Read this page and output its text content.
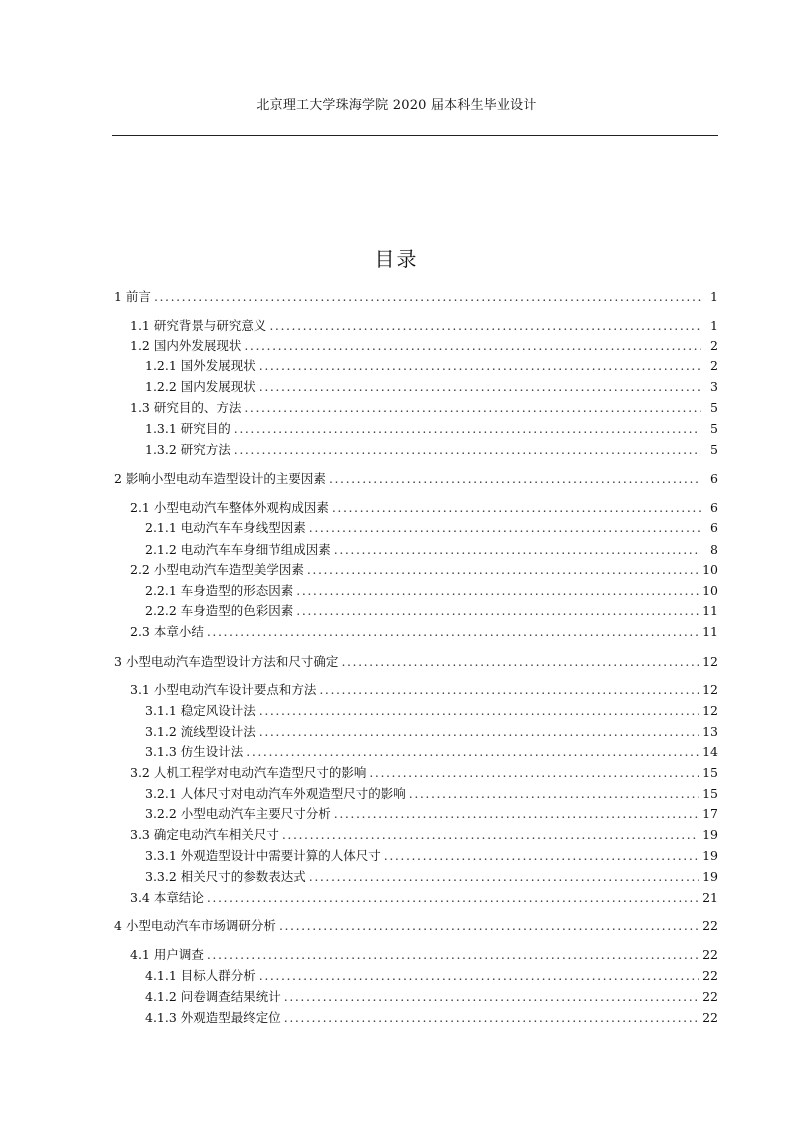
北京理工大学珠海学院 2020 届本科生毕业设计
目录
1 前言 . . .	1
1.1 研究背景与研究意义 . . .	1
1.2 国内外发展现状 . . .	2
1.2.1 国外发展现状 . . .	2
1.2.2 国内发展现状 . . .	3
1.3 研究目的、方法 . . .	5
1.3.1 研究目的 . . .	5
1.3.2 研究方法 . . .	5
2 影响小型电动车造型设计的主要因素 . . .	6
2.1 小型电动汽车整体外观构成因素 . . .	6
2.1.1 电动汽车车身线型因素 . . .	6
2.1.2 电动汽车车身细节组成因素 . . .	8
2.2 小型电动汽车造型美学因素 . . .	10
2.2.1 车身造型的形态因素 . . .	10
2.2.2 车身造型的色彩因素 . . .	11
2.3 本章小结 . . .	11
3 小型电动汽车造型设计方法和尺寸确定 . . .	12
3.1 小型电动汽车设计要点和方法 . . .	12
3.1.1 稳定风设计法 . . .	12
3.1.2 流线型设计法 . . .	13
3.1.3 仿生设计法 . . .	14
3.2 人机工程学对电动汽车造型尺寸的影响 . . .	15
3.2.1 人体尺寸对电动汽车外观造型尺寸的影响 . . .	15
3.2.2 小型电动汽车主要尺寸分析 . . .	17
3.3 确定电动汽车相关尺寸 . . .	19
3.3.1 外观造型设计中需要计算的人体尺寸 . . .	19
3.3.2 相关尺寸的参数表达式 . . .	19
3.4 本章结论 . . .	21
4 小型电动汽车市场调研分析 . . .	22
4.1 用户调查 . . .	22
4.1.1 目标人群分析 . . .	22
4.1.2 问卷调查结果统计 . . .	22
4.1.3 外观造型最终定位 . . .	22
